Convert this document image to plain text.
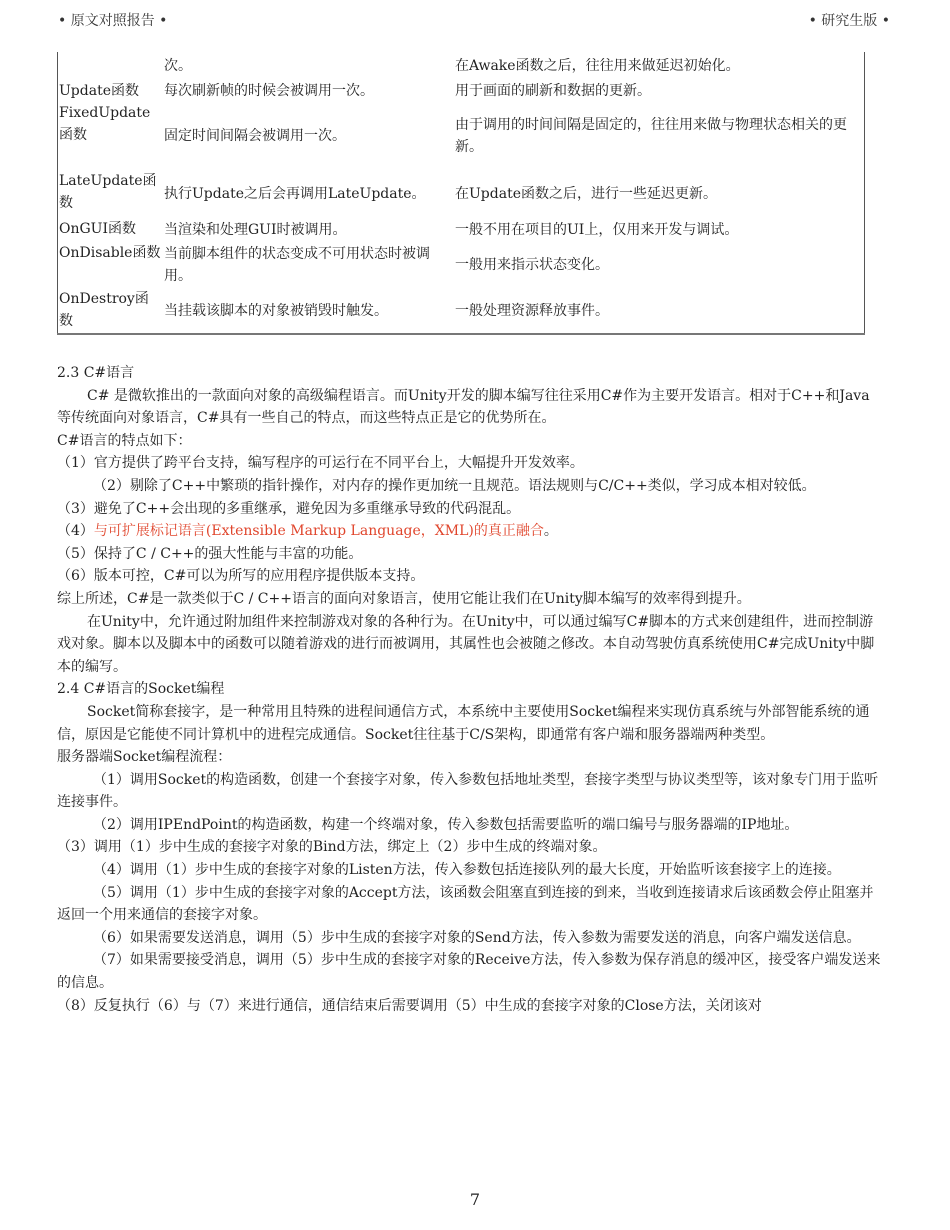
• 原文对照报告 •	• 研究生版 •
	次。	在Awake函数之后，往往用来做延迟初始化。
Update函数	每次刷新帧的时候会被调用一次。	用于画面的刷新和数据的更新。
FixedUpdate函数	固定时间间隔会被调用一次。	由于调用的时间间隔是固定的，往往用来做与物理状态相关的更新。
LateUpdate函数	执行Update之后会再调用LateUpdate。	在Update函数之后，进行一些延迟更新。
OnGUI函数	当渲染和处理GUI时被调用。	一般不用在项目的UI上，仅用来开发与调试。
OnDisable函数	当前脚本组件的状态变成不可用状态时被调用。	一般用来指示状态变化。
OnDestroy函数	当挂载该脚本的对象被销毁时触发。	一般处理资源释放事件。

2.3 C#语言

C# 是微软推出的一款面向对象的高级编程语言。而Unity开发的脚本编写往往采用C#作为主要开发语言。相对于C++和Java等传统面向对象语言，C#具有一些自己的特点，而这些特点正是它的优势所在。

C#语言的特点如下：

（1）官方提供了跨平台支持，编写程序的可运行在不同平台上，大幅提升开发效率。

（2）剔除了C++中繁琐的指针操作，对内存的操作更加统一且规范。语法规则与C/C++类似，学习成本相对较低。

（3）避免了C++会出现的多重继承，避免因为多重继承导致的代码混乱。

（4）与可扩展标记语言(Extensible Markup Language，XML)的真正融合。

（5）保持了C / C++的强大性能与丰富的功能。

（6）版本可控，C#可以为所写的应用程序提供版本支持。

综上所述，C#是一款类似于C / C++语言的面向对象语言，使用它能让我们在Unity脚本编写的效率得到提升。

在Unity中，允许通过附加组件来控制游戏对象的各种行为。在Unity中，可以通过编写C#脚本的方式来创建组件，进而控制游戏对象。脚本以及脚本中的函数可以随着游戏的进行而被调用，其属性也会被随之修改。本自动驾驶仿真系统使用C#完成Unity中脚本的编写。

2.4 C#语言的Socket编程

Socket简称套接字，是一种常用且特殊的进程间通信方式，本系统中主要使用Socket编程来实现仿真系统与外部智能系统的通信，原因是它能使不同计算机中的进程完成通信。Socket往往基于C/S架构，即通常有客户端和服务器端两种类型。

服务器端Socket编程流程：

（1）调用Socket的构造函数，创建一个套接字对象，传入参数包括地址类型，套接字类型与协议类型等，该对象专门用于监听连接事件。

（2）调用IPEndPoint的构造函数，构建一个终端对象，传入参数包括需要监听的端口编号与服务器端的IP地址。

（3）调用（1）步中生成的套接字对象的Bind方法，绑定上（2）步中生成的终端对象。

（4）调用（1）步中生成的套接字对象的Listen方法，传入参数包括连接队列的最大长度，开始监听该套接字上的连接。

（5）调用（1）步中生成的套接字对象的Accept方法，该函数会阻塞直到连接的到来，当收到连接请求后该函数会停止阻塞并返回一个用来通信的套接字对象。

（6）如果需要发送消息，调用（5）步中生成的套接字对象的Send方法，传入参数为需要发送的消息，向客户端发送信息。

（7）如果需要接受消息，调用（5）步中生成的套接字对象的Receive方法，传入参数为保存消息的缓冲区，接受客户端发送来的信息。

（8）反复执行（6）与（7）来进行通信，通信结束后需要调用（5）中生成的套接字对象的Close方法，关闭该对

7
